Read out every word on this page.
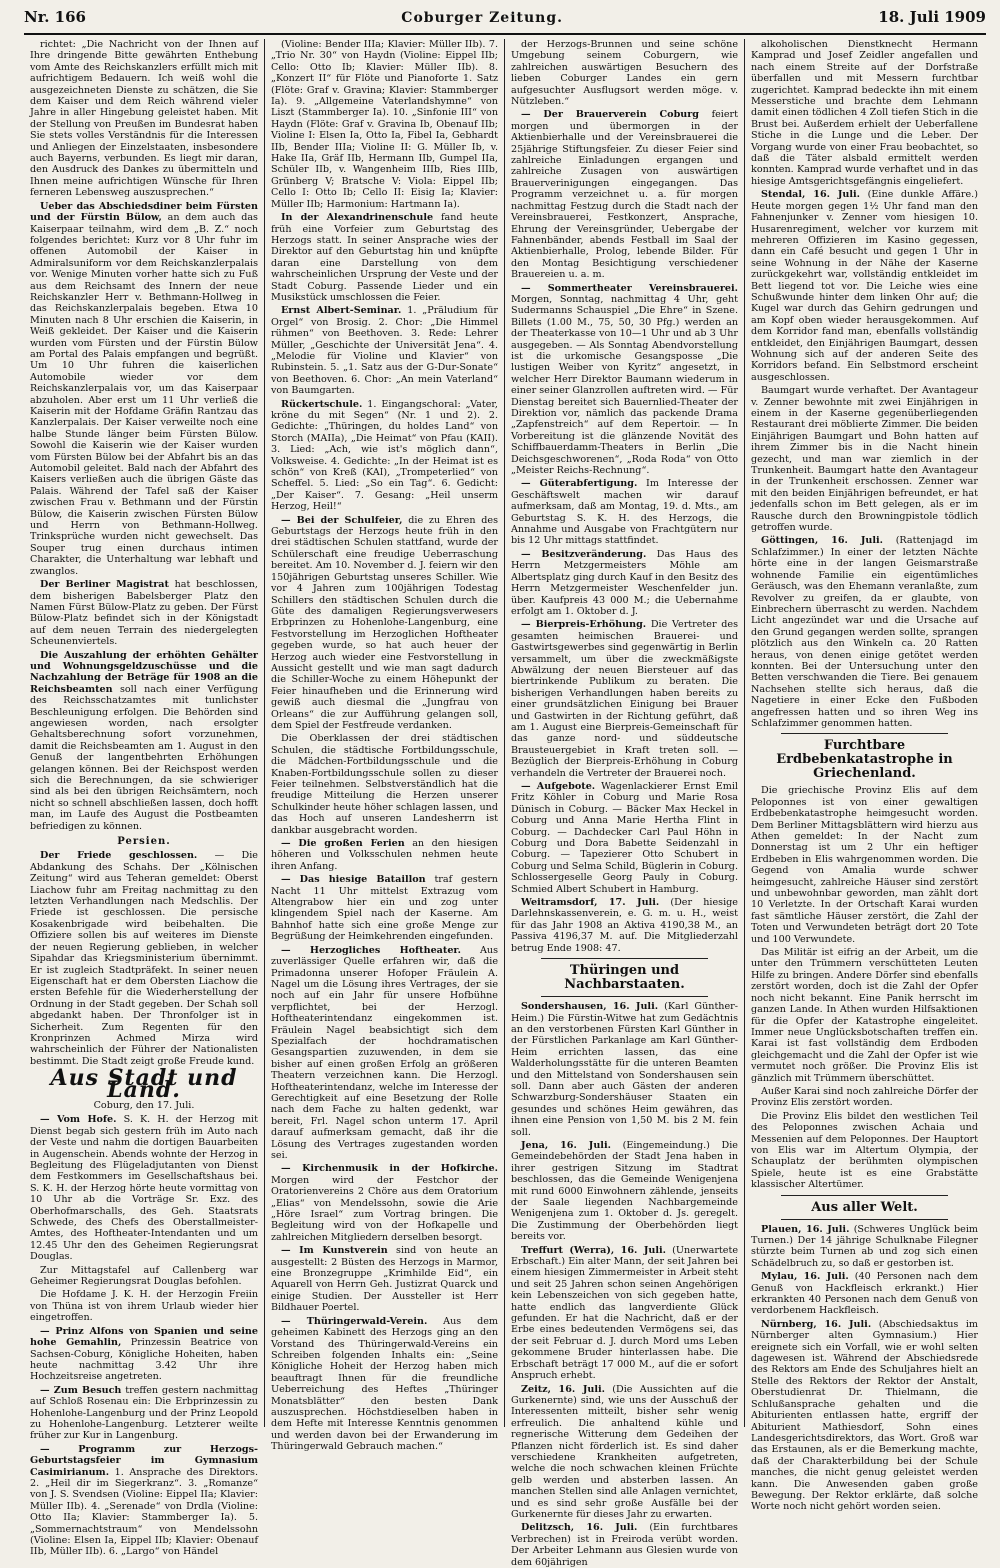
Nr. 166	Coburger Zeitung.	18. Juli 1909

richtet: „Die Nachricht von der Ihnen auf Ihre dringende Bitte gewährten Enthebung vom Amte des Reichskanzlers erfüllt mich mit aufrichtigem Bedauern. Ich weiß wohl die ausgezeichneten Dienste zu schätzen, die Sie dem Kaiser und dem Reich während vieler Jahre in aller Hingebung geleistet haben. Mit der Stellung von Preußen im Bundesrat haben Sie stets volles Verständnis für die Interessen und Anliegen der Einzelstaaten, insbesondere auch Bayerns, verbunden. Es liegt mir daran, den Ausdruck des Dankes zu übermitteln und Ihnen meine aufrichtigen Wünsche für Ihren ferneren Lebensweg auszusprechen.“

Ueber das Abschiedsdiner beim Fürsten und der Fürstin Bülow, an dem auch das Kaiserpaar teilnahm, wird dem „B. Z.“ noch folgendes berichtet: Kurz vor 8 Uhr fuhr im offenen Automobil der Kaiser in Admiralsuniform vor dem Reichskanzlerpalais vor. Wenige Minuten vorher hatte sich zu Fuß aus dem Reichsamt des Innern der neue Reichskanzler Herr v. Bethmann-Hollweg in das Reichskanzlerpalais begeben. Etwa 10 Minuten nach 8 Uhr erschien die Kaiserin, in Weiß gekleidet. Der Kaiser und die Kaiserin wurden vom Fürsten und der Fürstin Bülow am Portal des Palais empfangen und begrüßt. Um 10 Uhr fuhren die kaiserlichen Automobile wieder vor dem Reichskanzlerpalais vor, um das Kaiserpaar abzuholen. Aber erst um 11 Uhr verließ die Kaiserin mit der Hofdame Gräfin Rantzau das Kanzlerpalais. Der Kaiser verweilte noch eine halbe Stunde länger beim Fürsten Bülow. Sowohl die Kaiserin wie der Kaiser wurden vom Fürsten Bülow bei der Abfahrt bis an das Automobil geleitet. Bald nach der Abfahrt des Kaisers verließen auch die übrigen Gäste das Palais. Während der Tafel saß der Kaiser zwischen Frau v. Bethmann und der Fürstin Bülow, die Kaiserin zwischen Fürsten Bülow und Herrn von Bethmann-Hollweg. Trinksprüche wurden nicht gewechselt. Das Souper trug einen durchaus intimen Charakter, die Unterhaltung war lebhaft und zwanglos.

Der Berliner Magistrat hat beschlossen, dem bisherigen Babelsberger Platz den Namen Fürst Bülow-Platz zu geben. Der Fürst Bülow-Platz befindet sich in der Königstadt auf dem neuen Terrain des niedergelegten Scheunenviertels.

Die Auszahlung der erhöhten Gehälter und Wohnungsgeldzuschüsse und die Nachzahlung der Beträge für 1908 an die Reichsbeamten soll nach einer Verfügung des Reichsschatzamtes mit tunlichster Beschleunigung erfolgen. Die Behörden sind angewiesen worden, nach ersolgter Gehaltsberechnung sofort vorzunehmen, damit die Reichsbeamten am 1. August in den Genuß der langentbehrten Erhöhungen gelangen können. Bei der Reichspost werden sich die Berechnungen, da sie schwieriger sind als bei den übrigen Reichsämtern, noch nicht so schnell abschließen lassen, doch hofft man, im Laufe des August die Postbeamten befriedigen zu können.

Persien.

Der Friede geschlossen. — Die Abdankung des Schahs. Der „Kölnischen Zeitung“ wird aus Teheran gemeldet: Oberst Liachow fuhr am Freitag nachmittag zu den letzten Verhandlungen nach Medschlis. Der Friede ist geschlossen. Die persische Kosakenbrigade wird beibehalten. Die Offiziere sollen bis auf weiteres im Dienste der neuen Regierung geblieben, in welcher Sipahdar das Kriegsministerium übernimmt. Er ist zugleich Stadtpräfekt. In seiner neuen Eigenschaft hat er dem Obersten Liachow die ersten Befehle für die Wiederherstellung der Ordnung in der Stadt gegeben. Der Schah soll abgedankt haben. Der Thronfolger ist in Sicherheit. Zum Regenten für den Kronprinzen Achmed Mirza wird wahrscheinlich der Führer der Nationalisten bestimmt. Die Stadt zeigt große Freude kund.

Aus Stadt und Land.
Coburg, den 17. Juli.

— Vom Hofe. S. K. H. der Herzog mit Dienst begab sich gestern früh im Auto nach der Veste und nahm die dortigen Bauarbeiten in Augenschein. Abends wohnte der Herzog in Begleitung des Flügeladjutanten von Dienst dem Festkommers im Gesellschaftshaus bei. S. K. H. der Herzog hörte heute vormittag von 10 Uhr ab die Vorträge Sr. Exz. des Oberhofmarschalls, des Geh. Staatsrats Schwede, des Chefs des Oberstallmeister-Amtes, des Hoftheater-Intendanten und um 12.45 Uhr den des Geheimen Regierungsrat Douglas.

Zur Mittagstafel auf Callenberg war Geheimer Regierungsrat Douglas befohlen.

Die Hofdame J. K. H. der Herzogin Freiin von Thüna ist von ihrem Urlaub wieder hier eingetroffen.

— Prinz Alfons von Spanien und seine hohe Gemahlin, Prinzessin Beatrice von Sachsen-Coburg, Königliche Hoheiten, haben heute nachmittag 3.42 Uhr ihre Hochzeitsreise angetreten.

— Zum Besuch treffen gestern nachmittag auf Schloß Rosenau ein: Die Erbprinzessin zu Hohenlohe-Langenburg und der Prinz Leopold zu Hohenlohe-Langenburg. Letzterer weilte früher zur Kur in Langenburg.

— Programm zur Herzogs-Geburtstagsfeier im Gymnasium Casimirianum. 1. Ansprache des Direktors. 2. „Heil dir im Siegerkranz“. 3. „Romanze“ von J. S. Svendsen (Violine: Eippel IIa; Klavier: Müller IIb). 4. „Serenade“ von Drdla (Violine: Otto IIa; Klavier: Stammberger Ia). 5. „Sommernachtstraum“ von Mendelssohn (Violine: Elsen Ia, Eippel IIb; Klavier: Obenauf IIb, Müller IIb). 6. „Largo“ von Händel

(Violine: Bender IIIa; Klavier: Müller IIb). 7. „Trio Nr. 30“ von Haydn (Violine: Eippel IIb; Cello: Otto Ib; Klavier: Müller IIb). 8. „Konzert II“ für Flöte und Pianoforte 1. Satz (Flöte: Graf v. Gravina; Klavier: Stammberger Ia). 9. „Allgemeine Vaterlandshymne“ von Liszt (Stammberger Ia). 10. „Sinfonie III“ von Haydn (Flöte: Graf v. Gravina Ib, Obenauf IIb; Violine I: Elsen Ia, Otto Ia, Fibel Ia, Gebhardt IIb, Bender IIIa; Violine II: G. Müller Ib, v. Hake IIa, Gräf IIb, Hermann IIb, Gumpel IIa, Schüler IIb, v. Wangenheim IIIb, Ries IIIb, Grünberg V; Bratsche V: Viola: Eippel IIb; Cello I: Otto Ib; Cello II: Eisig Ia; Klavier: Müller IIb; Harmonium: Hartmann Ia).

In der Alexandrinenschule fand heute früh eine Vorfeier zum Geburtstag des Herzogs statt. In seiner Ansprache wies der Direktor auf den Geburtstag hin und knüpfte daran eine Darstellung von dem wahrscheinlichen Ursprung der Veste und der Stadt Coburg. Passende Lieder und ein Musikstück umschlossen die Feier.

Ernst Albert-Seminar. 1. „Präludium für Orgel“ von Brosig. 2. Chor: „Die Himmel rühmen“ von Beethoven. 3. Rede: Lehrer Müller, „Geschichte der Universität Jena“. 4. „Melodie für Violine und Klavier“ von Rubinstein. 5. „1. Satz aus der G-Dur-Sonate“ von Beethoven. 6. Chor: „An mein Vaterland“ von Baumgarten.

Rückertschule. 1. Eingangschoral: „Vater, kröne du mit Segen“ (Nr. 1 und 2). 2. Gedichte: „Thüringen, du holdes Land“ von Storch (MAIIa), „Die Heimat“ von Pfau (KAII). 3. Lied: „Ach, wie ist's möglich dann“, Volksweise. 4. Gedichte: „In der Heimat ist es schön“ von Kreß (KAI), „Trompeterlied“ von Scheffel. 5. Lied: „So ein Tag“. 6. Gedicht: „Der Kaiser“. 7. Gesang: „Heil unserm Herzog, Heil!“

— Bei der Schulfeier, die zu Ehren des Geburtstags der Herzogs heute früh in den drei städtischen Schulen stattfand, wurde der Schülerschaft eine freudige Ueberraschung bereitet. Am 10. November d. J. feiern wir den 150jährigen Geburtstag unseres Schiller. Wie vor 4 Jahren zum 100jährigen Todestag Schillers den städtischen Schulen durch die Güte des damaligen Regierungsverwesers Erbprinzen zu Hohenlohe-Langenburg, eine Festvorstellung im Herzoglichen Hoftheater gegeben wurde, so hat auch heuer der Herzog auch wieder eine Festvorstellung in Aussicht gestellt und wie man sagt dadurch die Schiller-Woche zu einem Höhepunkt der Feier hinaufheben und die Erinnerung wird gewiß auch diesmal die „Jungfrau von Orleans“ die zur Aufführung gelangen soll, dem Spiel der Festfreude verdanken.

Die Oberklassen der drei städtischen Schulen, die städtische Fortbildungsschule, die Mädchen-Fortbildungsschule und die Knaben-Fortbildungsschule sollen zu dieser Feier teilnehmen. Selbstverständlich hat die freudige Mitteilung die Herzen unserer Schulkinder heute höher schlagen lassen, und das Hoch auf unseren Landesherrn ist dankbar ausgebracht worden.

— Die großen Ferien an den hiesigen höheren und Volksschulen nehmen heute ihren Anfang.

— Das hiesige Bataillon traf gestern Nacht 11 Uhr mittelst Extrazug vom Altengrabow hier ein und zog unter klingendem Spiel nach der Kaserne. Am Bahnhof hatte sich eine große Menge zur Begrüßung der Heimkehrenden eingefunden.

— Herzogliches Hoftheater. Aus zuverlässiger Quelle erfahren wir, daß die Primadonna unserer Hofoper Fräulein A. Nagel um die Lösung ihres Vertrages, der sie noch auf ein Jahr für unsere Hofbühne verpflichtet, bei der Herzogl. Hoftheaterintendanz eingekommen ist. Fräulein Nagel beabsichtigt sich dem Spezialfach der hochdramatischen Gesangspartien zuzuwenden, in dem sie bisher auf einen großen Erfolg an größeren Theatern verzeichnen kann. Die Herzogl. Hoftheaterintendanz, welche im Interesse der Gerechtigkeit auf eine Besetzung der Rolle nach dem Fache zu halten gedenkt, war bereit, Frl. Nagel schon unterm 17. April darauf aufmerksam gemacht, daß ihr die Lösung des Vertrages zugestanden worden sei.

— Kirchenmusik in der Hofkirche. Morgen wird der Festchor der Oratorienvereins 2 Chöre aus dem Oratorium „Elias“ von Mendelssohn, sowie die Arie „Höre Israel“ zum Vortrag bringen. Die Begleitung wird von der Hofkapelle und zahlreichen Mitgliedern derselben besorgt.

— Im Kunstverein sind von heute an ausgestellt: 2 Büsten des Herzogs in Marmor, eine Bronzegruppe „Krimhilde Eid“, ein Aquarell von Herrn Geh. Justizrat Quarck und einige Studien. Der Aussteller ist Herr Bildhauer Poertel.

— Thüringerwald-Verein. Aus dem geheimen Kabinett des Herzogs ging an den Vorstand des Thüringerwald-Vereins ein Schreiben folgenden Inhalts ein: „Seine Königliche Hoheit der Herzog haben mich beauftragt Ihnen für die freundliche Ueberreichung des Heftes „Thüringer Monatsblätter“ den besten Dank auszusprechen. Höchstdieselben haben in dem Hefte mit Interesse Kenntnis genommen und werden davon bei der Erwanderung im Thüringerwald Gebrauch machen.“

der Herzogs-Brunnen und seine schöne Umgebung seinem Coburgern, wie zahlreichen auswärtigen Besuchern des lieben Coburger Landes ein gern aufgesuchter Ausflugsort werden möge. v. Nützleben.“

— Der Brauerverein Coburg feiert morgen und übermorgen in der Aktienbierhalle und der Vereinsbrauerei die 25jährige Stiftungsfeier. Zu dieser Feier sind zahlreiche Einladungen ergangen und zahlreiche Zusagen von auswärtigen Brauerverinigungen eingegangen. Das Programm verzeichnet u. a. für morgen nachmittag Festzug durch die Stadt nach der Vereinsbrauerei, Festkonzert, Ansprache, Ehrung der Vereinsgründer, Uebergabe der Fahnenbänder, abends Festball im Saal der Aktienbierhalle, Prolog, lebende Bilder. Für den Montag Besichtigung verschiedener Brauereien u. a. m.

— Sommertheater Vereinsbrauerei. Morgen, Sonntag, nachmittag 4 Uhr, geht Sudermanns Schauspiel „Die Ehre“ in Szene. Billets (1.00 M., 75, 50, 30 Pfg.) werden an der Theaterkasse von 10—1 Uhr und ab 3 Uhr ausgegeben. — Als Sonntag Abendvorstellung ist die urkomische Gesangsposse „Die lustigen Weiber von Kyritz“ angesetzt, in welcher Herr Direktor Baumann wiederum in einer seiner Glanzrollen auftreten wird. — Für Dienstag bereitet sich Bauernlied-Theater der Direktion vor, nämlich das packende Drama „Zapfenstreich“ auf dem Repertoir. — In Vorbereitung ist die glänzende Novität des Schiffbauerdamm-Theaters in Berlin „Die Deichsgeschworenen“, „Roda Roda“ von Otto „Meister Reichs-Rechnung“.

— Güterabfertigung. Im Interesse der Geschäftswelt machen wir darauf aufmerksam, daß am Montag, 19. d. Mts., am Geburtstag S. K. H. des Herzogs, die Annahme und Ausgabe von Frachtgütern nur bis 12 Uhr mittags stattfindet.

— Besitzveränderung. Das Haus des Herrn Metzgermeisters Möhle am Albertsplatz ging durch Kauf in den Besitz des Herrn Metzgermeister Weschenfelder jun. über. Kaufpreis 43 000 M.; die Uebernahme erfolgt am 1. Oktober d. J.

— Bierpreis-Erhöhung. Die Vertreter des gesamten heimischen Brauerei- und Gastwirtsgewerbes sind gegenwärtig in Berlin versammelt, um über die zweckmäßigste Abwälzung der neuen Biersteuer auf das biertrinkende Publikum zu beraten. Die bisherigen Verhandlungen haben bereits zu einer grundsätzlichen Einigung bei Brauer und Gastwirten in der Richtung geführt, daß am 1. August eine Bierpreis-Gemeinschaft für das ganze nord- und süddeutsche Brausteuergebiet in Kraft treten soll. — Bezüglich der Bierpreis-Erhöhung in Coburg verhandeln die Vertreter der Brauerei noch.

— Aufgebote. Wagenlackierer Ernst Emil Fritz Köhler in Coburg und Marie Rosa Dünisch in Coburg. — Bäcker Max Heckel in Coburg und Anna Marie Hertha Flint in Coburg. — Dachdecker Carl Paul Höhn in Coburg und Dora Babette Seidenzahl in Coburg. — Tapezierer Otto Schubert in Coburg und Selma Schild, Büglerin in Coburg. Schlossergeselle Georg Pauly in Coburg. Schmied Albert Schubert in Hamburg.

Weitramsdorf, 17. Juli. (Der hiesige Darlehnskassenverein, e. G. m. u. H., weist für das Jahr 1908 an Aktiva 4190,38 M., an Passiva 4196,37 M. auf. Die Mitgliederzahl betrug Ende 1908: 47.

Thüringen und Nachbarstaaten.

Sondershausen, 16. Juli. (Karl Günther-Heim.) Die Fürstin-Witwe hat zum Gedächtnis an den verstorbenen Fürsten Karl Günther in der Fürstlichen Parkanlage am Karl Günther-Heim errichten lassen, das eine Walderholungsstätte für die unteren Beamten und den Mittelstand von Sondershausen sein soll. Dann aber auch Gästen der anderen Schwarzburg-Sondershäuser Staaten ein gesundes und schönes Heim gewähren, das ihnen eine Pension von 1,50 M. bis 2 M. fein soll.

Jena, 16. Juli. (Eingemeindung.) Die Gemeindebehörden der Stadt Jena haben in ihrer gestrigen Sitzung im Stadtrat beschlossen, das die Gemeinde Wenigenjena mit rund 6000 Einwohnern zählende, jenseits der Saale liegenden Nachbargemeinde Wenigenjena zum 1. Oktober d. Js. geregelt. Die Zustimmung der Oberbehörden liegt bereits vor.

Treffurt (Werra), 16. Juli. (Unerwartete Erbschaft.) Ein alter Mann, der seit Jahren bei einem hiesigen Zimmermeister in Arbeit steht und seit 25 Jahren schon seinen Angehörigen kein Lebenszeichen von sich gegeben hatte, hatte endlich das langverdiente Glück gefunden. Er hat die Nachricht, daß er der Erbe eines bedeutenden Vermögens sei, das der seit Februar d. J. durch Mord ums Leben gekommene Bruder hinterlassen habe. Die Erbschaft beträgt 17 000 M., auf die er sofort Anspruch erhebt.

Zeitz, 16. Juli. (Die Aussichten auf die Gurkenernte) sind, wie uns der Ausschuß der Interessenten mitteilt, bisher sehr wenig erfreulich. Die anhaltend kühle und regnerische Witterung dem Gedeihen der Pflanzen nicht förderlich ist. Es sind daher verschiedene Krankheiten aufgetreten, welche die noch schwachen kleinen Früchte gelb werden und absterben lassen. An manchen Stellen sind alle Anlagen vernichtet, und es sind sehr große Ausfälle bei der Gurkenernte für dieses Jahr zu erwarten.

Delitzsch, 16. Juli. (Ein furchtbares Verbrechen) ist in Freiroda verübt worden. Der Arbeiter Lehmann aus Glesien wurde von dem 60jährigen

alkoholischen Dienstknecht Hermann Kamprad und Josef Zeidler angefallen und nach einem Streite auf der Dorfstraße überfallen und mit Messern furchtbar zugerichtet. Kamprad bedeckte ihn mit einem Messerstiche und brachte dem Lehmann damit einen tödlichen 4 Zoll tiefen Stich in die Brust bei. Außerdem erhielt der Ueberfallene Stiche in die Lunge und die Leber. Der Vorgang wurde von einer Frau beobachtet, so daß die Täter alsbald ermittelt werden konnten. Kamprad wurde verhaftet und in das hiesige Amtsgerichtsgefängnis eingeliefert.

Stendal, 16. Juli. (Eine dunkle Affäre.) Heute morgen gegen 1½ Uhr fand man den Fahnenjunker v. Zenner vom hiesigen 10. Husarenregiment, welcher vor kurzem mit mehreren Offizieren im Kasino gegessen, dann ein Café besucht und gegen 1 Uhr in seine Wohnung in der Nähe der Kaserne zurückgekehrt war, vollständig entkleidet im Bett liegend tot vor. Die Leiche wies eine Schußwunde hinter dem linken Ohr auf; die Kugel war durch das Gehirn gedrungen und am Kopf oben wieder herausgekommen. Auf dem Korridor fand man, ebenfalls vollständig entkleidet, den Einjährigen Baumgart, dessen Wohnung sich auf der anderen Seite des Korridors befand. Ein Selbstmord erscheint ausgeschlossen.

Baumgart wurde verhaftet. Der Avantageur v. Zenner bewohnte mit zwei Einjährigen in einem in der Kaserne gegenüberliegenden Restaurant drei möblierte Zimmer. Die beiden Einjährigen Baumgart und Bohn hatten auf ihrem Zimmer bis in die Nacht hinein gezecht, und man war ziemlich in der Trunkenheit. Baumgart hatte den Avantageur in der Trunkenheit erschossen. Zenner war mit den beiden Einjährigen befreundet, er hat jedenfalls schon im Bett gelegen, als er im Rausche durch den Browningpistole tödlich getroffen wurde.

Göttingen, 16. Juli. (Rattenjagd im Schlafzimmer.) In einer der letzten Nächte hörte eine in der langen Geismarstraße wohnende Familie ein eigentümliches Geräusch, was den Ehemann veranlaßte, zum Revolver zu greifen, da er glaubte, von Einbrechern überrascht zu werden. Nachdem Licht angezündet war und die Ursache auf den Grund gegangen werden sollte, sprangen plötzlich aus den Winkeln ca. 20 Ratten heraus, von denen einige getötet werden konnten. Bei der Untersuchung unter den Betten verschwanden die Tiere. Bei genauem Nachsehen stellte sich heraus, daß die Nagetiere in einer Ecke den Fußboden angefressen hatten und so ihren Weg ins Schlafzimmer genommen hatten.

Furchtbare Erdbebenkatastrophe in Griechenland.

Die griechische Provinz Elis auf dem Peloponnes ist von einer gewaltigen Erdbebenkatastrophe heimgesucht worden. Dem Berliner Mittagsblättern wird hierzu aus Athen gemeldet: In der Nacht zum Donnerstag ist um 2 Uhr ein heftiger Erdbeben in Elis wahrgenommen worden. Die Gegend von Amalia wurde schwer heimgesucht, zahlreiche Häuser sind zerstört und unbewohnbar geworden, man zählt dort 10 Verletzte. In der Ortschaft Karai wurden fast sämtliche Häuser zerstört, die Zahl der Toten und Verwundeten beträgt dort 20 Tote und 100 Verwundete.

Das Militär ist eifrig an der Arbeit, um die unter den Trümmern verschütteten Leuten Hilfe zu bringen. Andere Dörfer sind ebenfalls zerstört worden, doch ist die Zahl der Opfer noch nicht bekannt. Eine Panik herrscht im ganzen Lande. In Athen wurden Hilfsaktionen für die Opfer der Katastrophe eingeleitet. Immer neue Unglücksbotschaften treffen ein. Karai ist fast vollständig dem Erdboden gleichgemacht und die Zahl der Opfer ist wie vermutet noch größer. Die Provinz Elis ist gänzlich mit Trümmern überschüttet.

Außer Karai sind noch zahlreiche Dörfer der Provinz Elis zerstört worden.

Die Provinz Elis bildet den westlichen Teil des Peloponnes zwischen Achaia und Messenien auf dem Peloponnes. Der Hauptort von Elis war im Altertum Olympia, der Schauplatz der berühmten olympischen Spiele, heute ist es eine Grabstätte klassischer Altertümer.

Aus aller Welt.

Plauen, 16. Juli. (Schweres Unglück beim Turnen.) Der 14 jährige Schulknabe Filegner stürzte beim Turnen ab und zog sich einen Schädelbruch zu, so daß er gestorben ist.

Mylau, 16. Juli. (40 Personen nach dem Genuß von Hackfleisch erkrankt.) Hier erkrankten 40 Personen nach dem Genuß von verdorbenem Hackfleisch.

Nürnberg, 16. Juli. (Abschiedsaktus im Nürnberger alten Gymnasium.) Hier ereignete sich ein Vorfall, wie er wohl selten dagewesen ist. Während der Abschiedsrede des Rektors am Ende des Schuljahres hielt an Stelle des Rektors der Rektor der Anstalt, Oberstudienrat Dr. Thielmann, die Schlußansprache gehalten und die Abiturienten entlassen hatte, ergriff der Abiturient Mathiesdorf, Sohn eines Landesgerichtsdirektors, das Wort. Groß war das Erstaunen, als er die Bemerkung machte, daß der Charakterbildung bei der Schule manches, die nicht genug geleistet werden kann. Die Anwesenden gaben große Bewegung. Der Rektor erklärte, daß solche Worte noch nicht gehört worden seien.
